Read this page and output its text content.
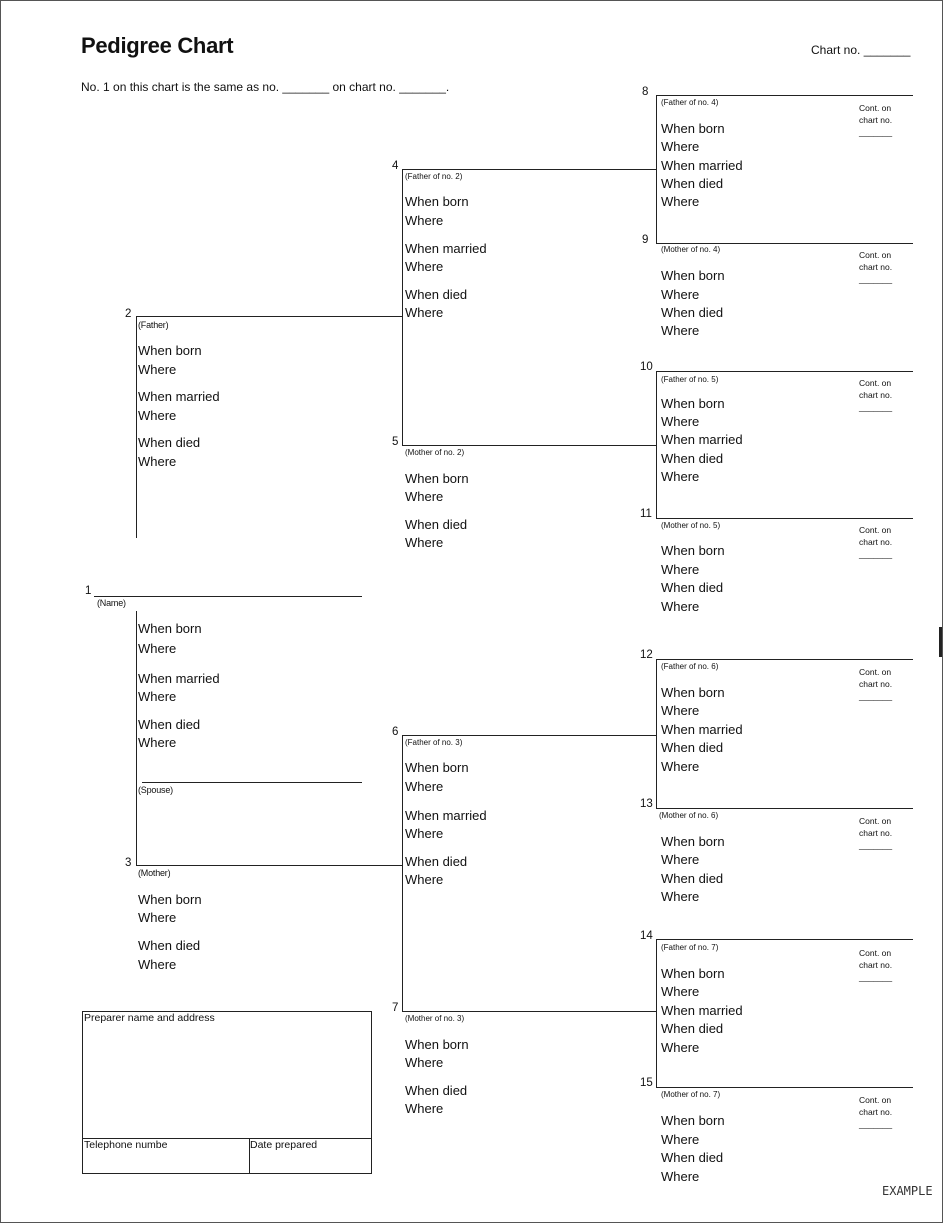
Pedigree Chart	Chart no. _______
No. 1 on this chart is the same as no. _______ on chart no. _______.
1
(Name)
When born
Where
When married
Where
When died
Where
(Spouse)
2
(Father)
When born
Where
When married
Where
When died
Where
3
(Mother)
When born
Where
When died
Where
4
(Father of no. 2)
When born
Where
When married
Where
When died
Where
5
(Mother of no. 2)
When born
Where
When died
Where
6
(Father of no. 3)
When born
Where
When married
Where
When died
Where
7
(Mother of no. 3)
When born
Where
When died
Where
8
(Father of no. 4)
When born
Where
When married
When died
Where
Cont. on
chart no.
_______
9
(Mother of no. 4)
When born
Where
When died
Where
Cont. on
chart no.
_______
10
(Father of no. 5)
When born
Where
When married
When died
Where
Cont. on
chart no.
_______
11
(Mother of no. 5)
When born
Where
When died
Where
Cont. on
chart no.
_______
12
(Father of no. 6)
When born
Where
When married
When died
Where
Cont. on
chart no.
_______
13
(Mother of no. 6)
When born
Where
When died
Where
Cont. on
chart no.
_______
14
(Father of no. 7)
When born
Where
When married
When died
Where
Cont. on
chart no.
_______
15
(Mother of no. 7)
When born
Where
When died
Where
Cont. on
chart no.
_______
Preparer name and address
Telephone numbe	Date prepared
EXAMPLE
